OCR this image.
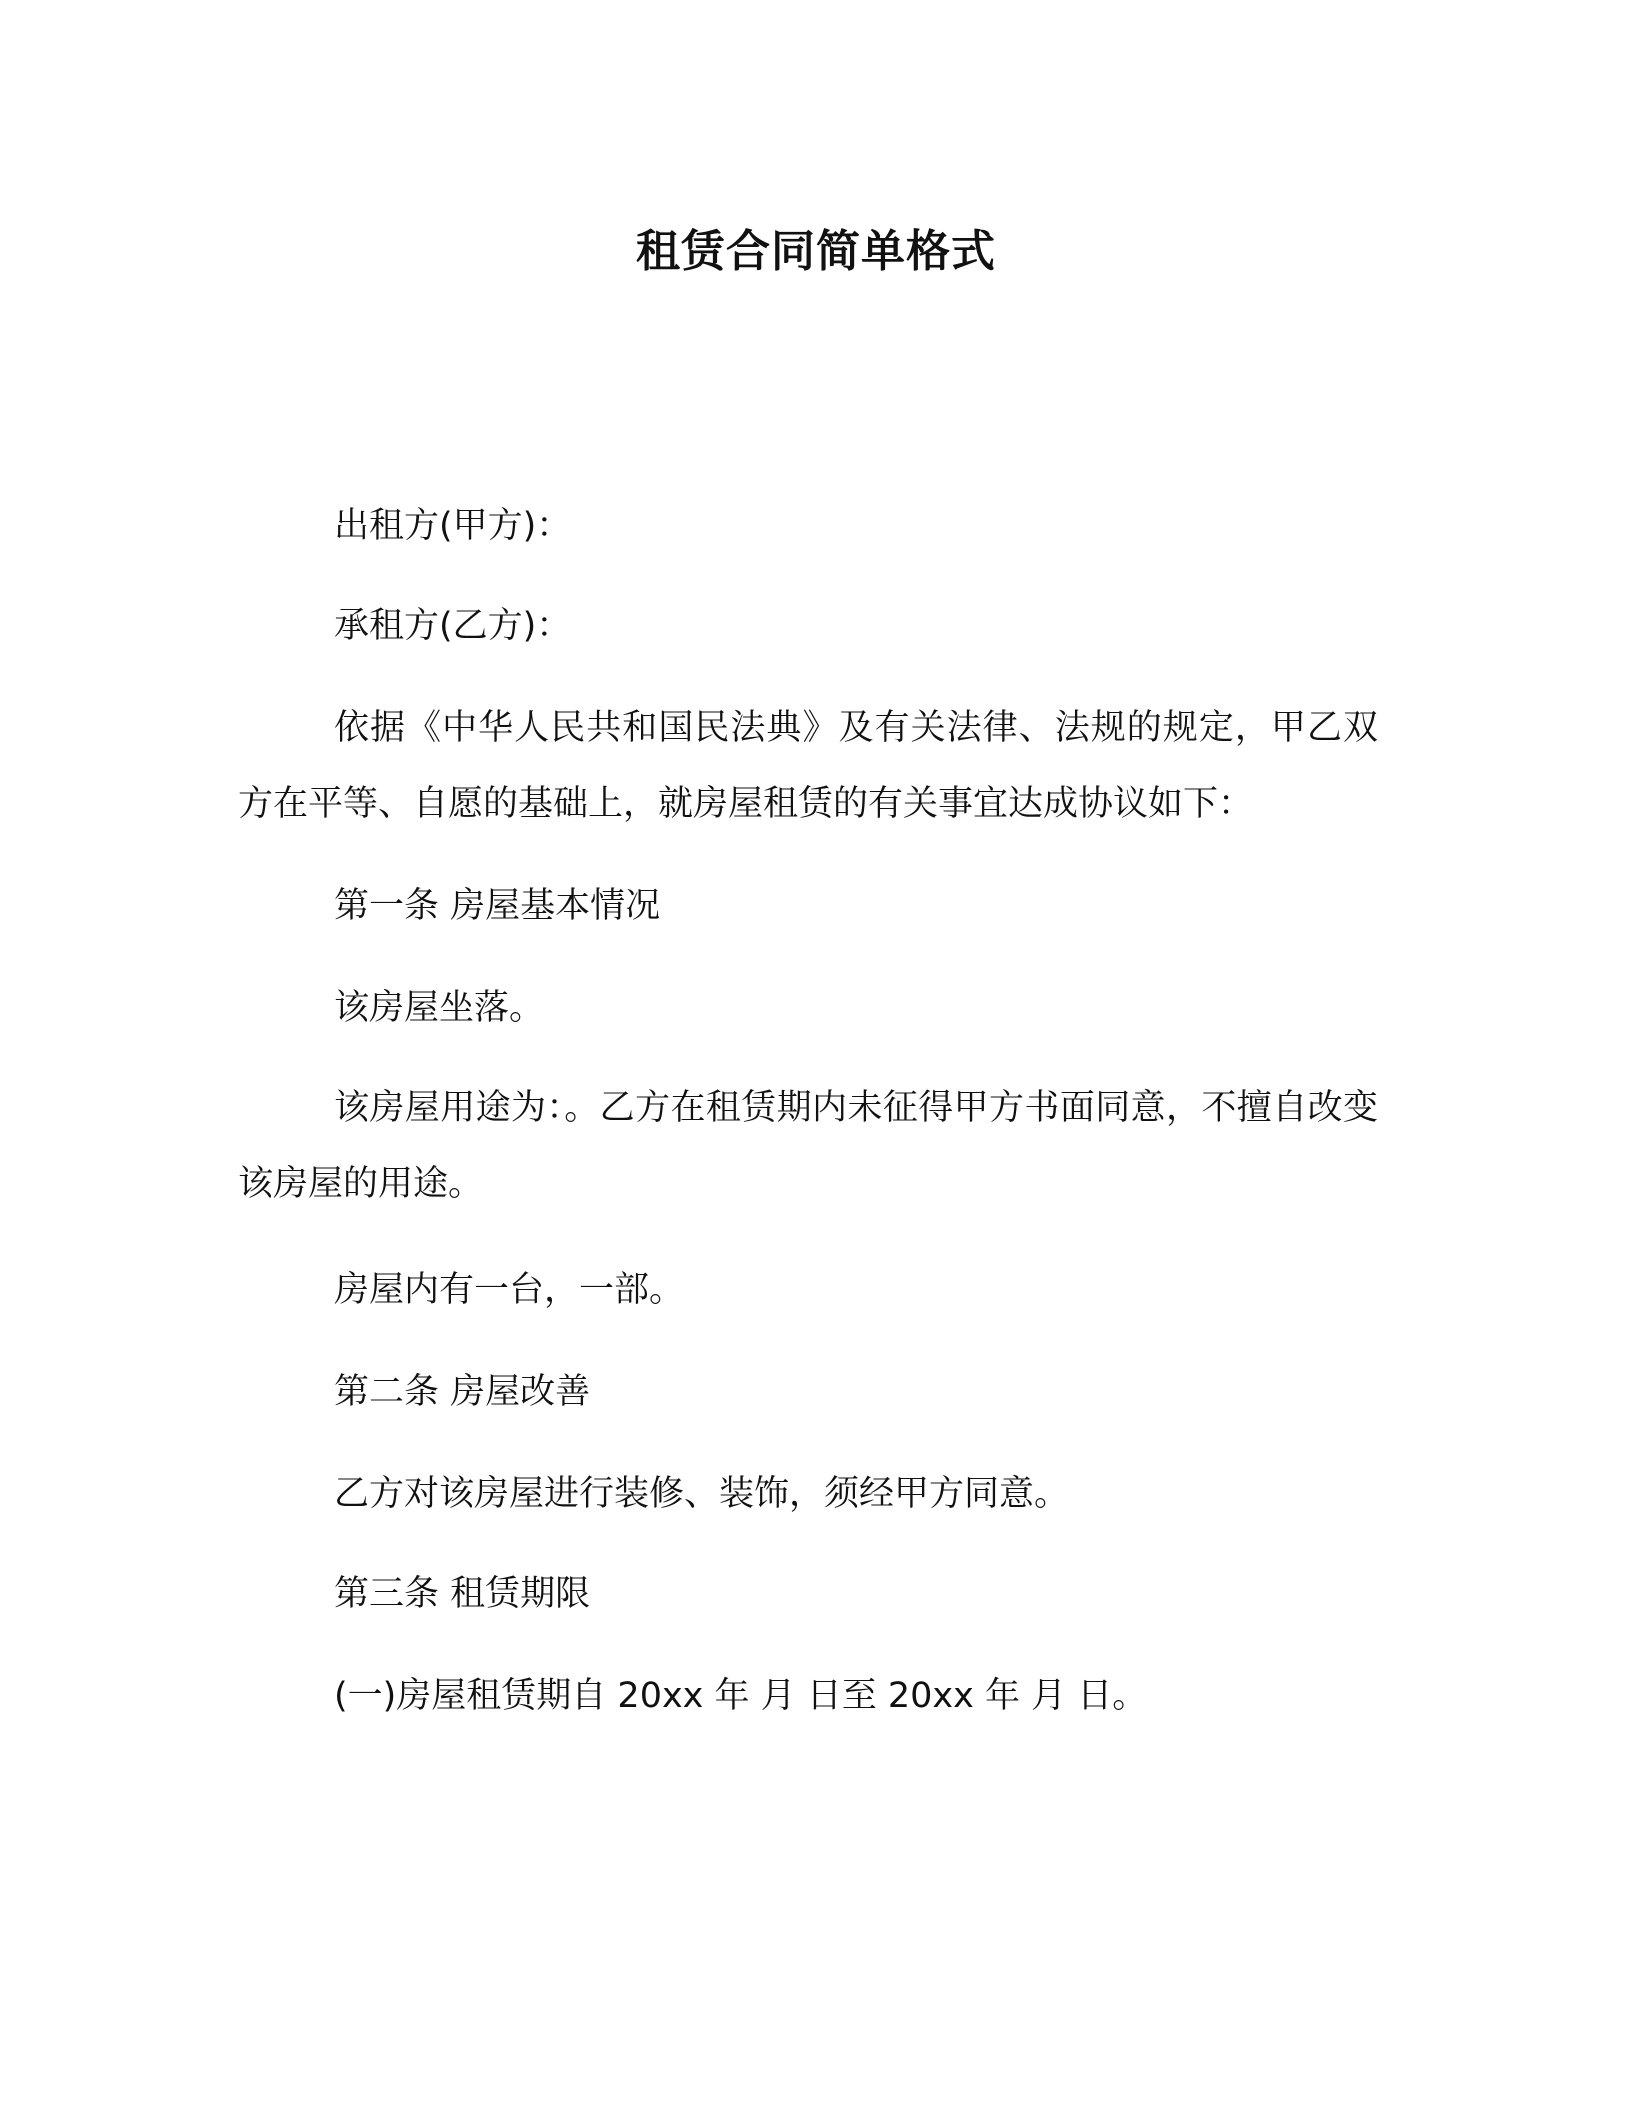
租赁合同简单格式
出租方(甲方)：
承租方(乙方)：
依据《中华人民共和国民法典》及有关法律、法规的规定，甲乙双方在平等、自愿的基础上，就房屋租赁的有关事宜达成协议如下：
第一条 房屋基本情况
该房屋坐落。
该房屋用途为：。乙方在租赁期内未征得甲方书面同意，不擅自改变该房屋的用途。
房屋内有一台，一部。
第二条 房屋改善
乙方对该房屋进行装修、装饰，须经甲方同意。
第三条 租赁期限
(一)房屋租赁期自 20xx 年 月 日至 20xx 年 月 日。
